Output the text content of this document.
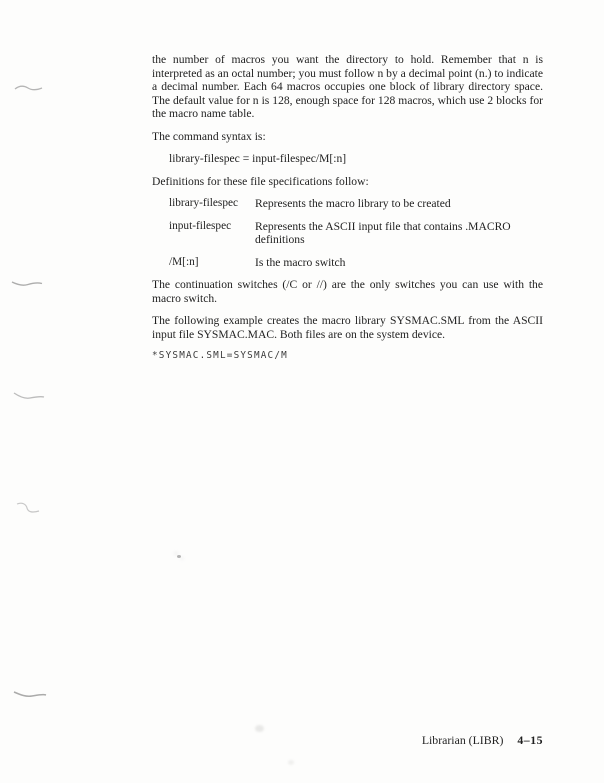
the number of macros you want the directory to hold. Remember that n is interpreted as an octal number; you must follow n by a decimal point (n.) to indicate a decimal number. Each 64 macros occupies one block of library directory space. The default value for n is 128, enough space for 128 macros, which use 2 blocks for the macro name table.

The command syntax is:

library-filespec = input-filespec/M[:n]

Definitions for these file specifications follow:

library-filespec	Represents the macro library to be created
input-filespec	Represents the ASCII input file that contains .MACRO definitions
/M[:n]	Is the macro switch

The continuation switches (/C or //) are the only switches you can use with the macro switch.

The following example creates the macro library SYSMAC.SML from the ASCII input file SYSMAC.MAC. Both files are on the system device.

*SYSMAC.SML=SYSMAC/M
Librarian (LIBR) 4–15
